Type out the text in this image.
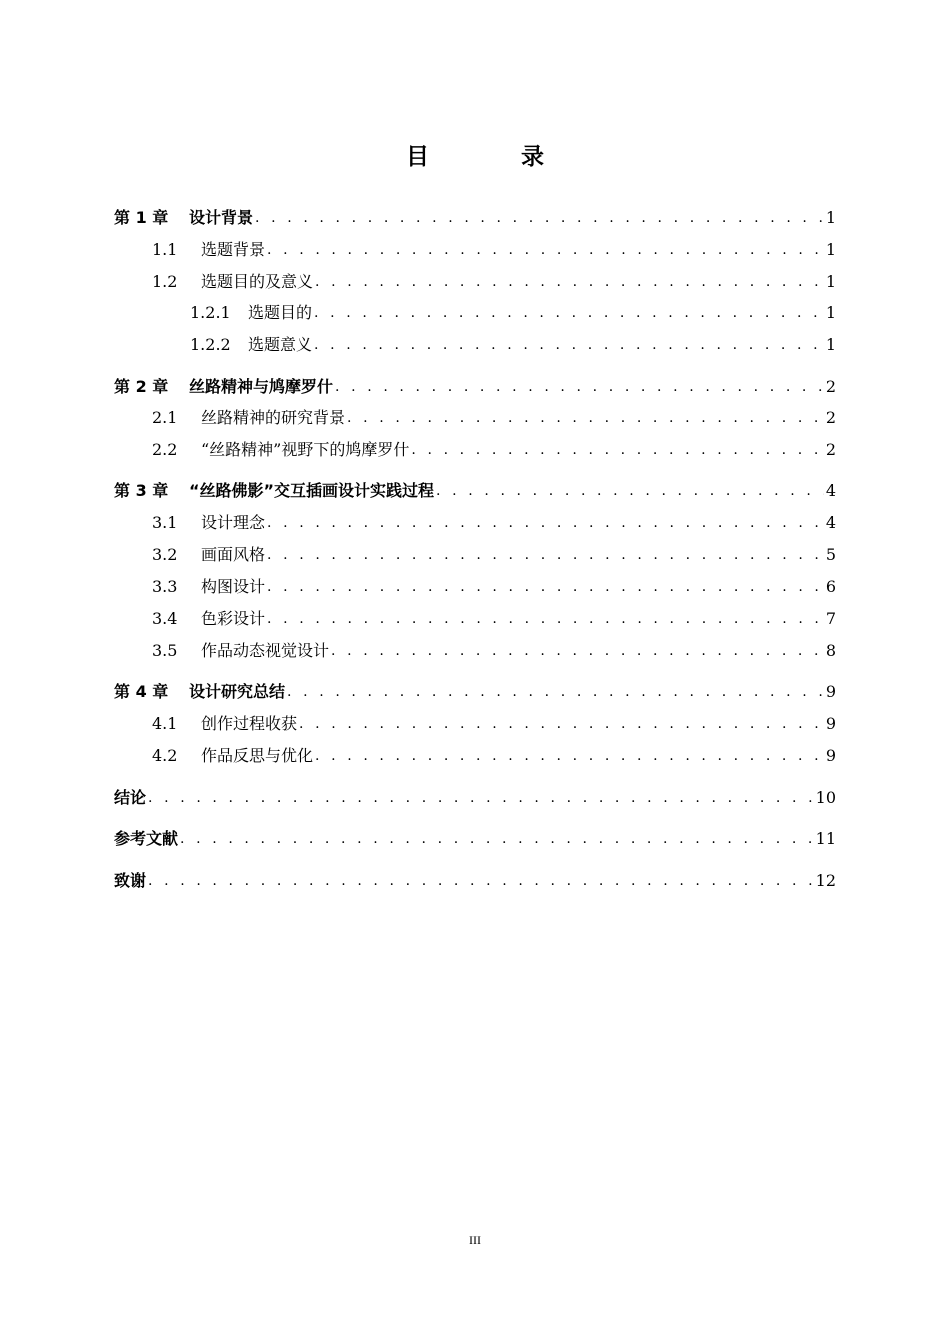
目 录
第 1 章	设计背景 . . .	1
1.1	选题背景 . . .	1
1.2	选题目的及意义 . . .	1
1.2.1	选题目的 . . .	1
1.2.2	选题意义 . . .	1
第 2 章	丝路精神与鸠摩罗什 . . .	2
2.1	丝路精神的研究背景 . . .	2
2.2	“丝路精神”视野下的鸠摩罗什 . . .	2
第 3 章	“丝路佛影”交互插画设计实践过程 . . .	4
3.1	设计理念 . . .	4
3.2	画面风格 . . .	5
3.3	构图设计 . . .	6
3.4	色彩设计 . . .	7
3.5	作品动态视觉设计 . . .	8
第 4 章	设计研究总结 . . .	9
4.1	创作过程收获 . . .	9
4.2	作品反思与优化 . . .	9
结论 . . .	10
参考文献 . . .	11
致谢 . . .	12
III
